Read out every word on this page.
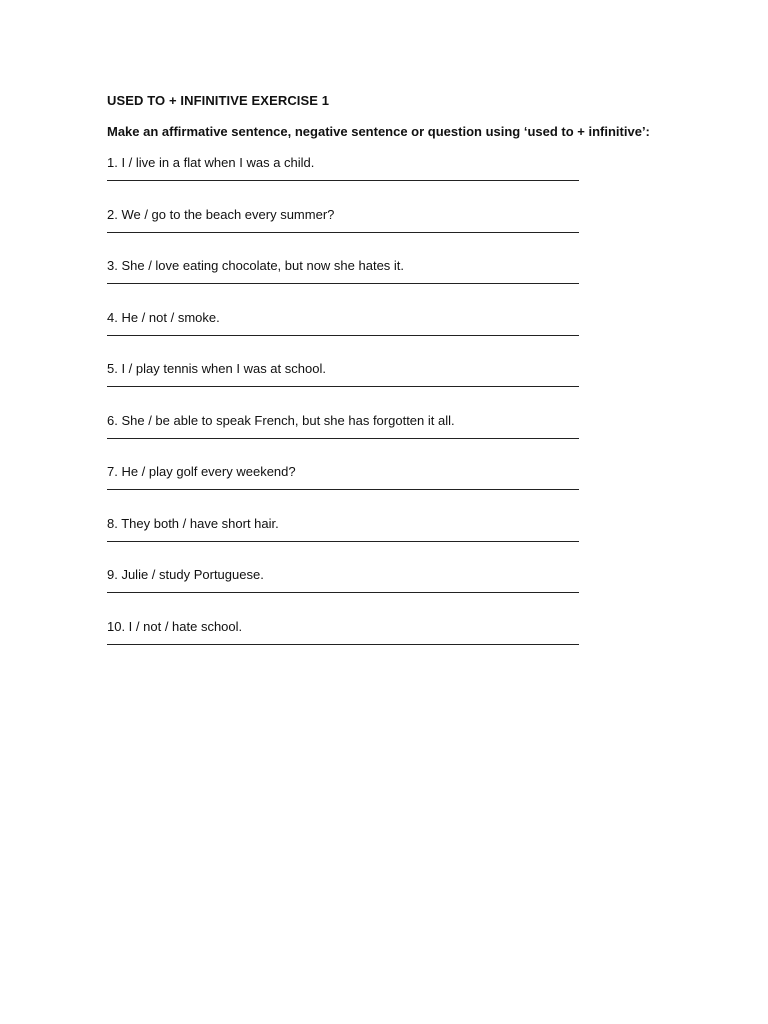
USED TO + INFINITIVE EXERCISE 1

Make an affirmative sentence, negative sentence or question using ‘used to + infinitive’:

1. I / live in a flat when I was a child.
2. We / go to the beach every summer?
3. She / love eating chocolate, but now she hates it.
4. He / not / smoke.
5. I / play tennis when I was at school.
6. She / be able to speak French, but she has forgotten it all.
7. He / play golf every weekend?
8. They both / have short hair.
9. Julie / study Portuguese.
10. I / not / hate school.
